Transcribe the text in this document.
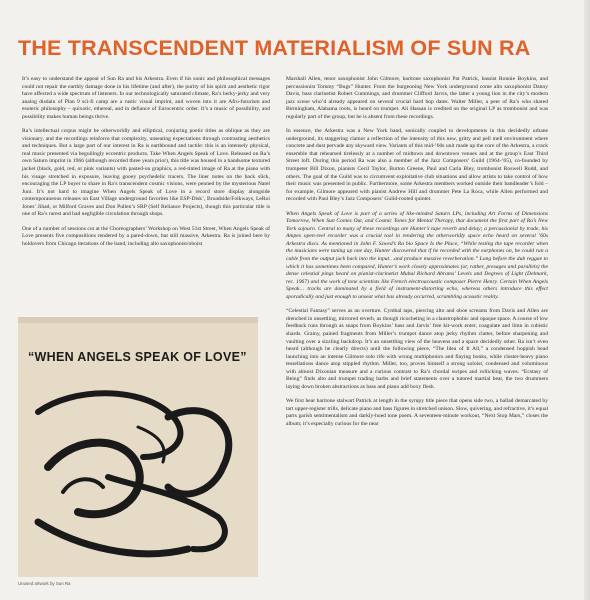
THE TRANSCENDENT MATERIALISM OF SUN RA

It’s easy to understand the appeal of Sun Ra and his Arkestra. Even if his sonic and philosophical messages could not repair the earthly damage done in his lifetime (and after), the purity of his spirit and aesthetic rigor have affected a wide spectrum of listeners. In our technologically saturated climate, Ra’s herky-jerky and very analog disdain of Plan 9 sci-fi camp are a rustic visual imprint, and woven into it are Afro-futurism and esoteric philosophy – quixotic, ethereal, and in defiance of Eurocentric order. It’s a music of possibility, and possibility makes human beings thrive.

Ra’s intellectual corpus might be otherworldly and elliptical, conjuring poetic titles as oblique as they are visionary, and the recordings reinforce that complexity, unseating expectations through contrasting aesthetics and techniques. But a large part of our interest in Ra is earthbound and tactile: this is an intensely physical, real music presented via beguilingly eccentric products. Take When Angels Speak of Love. Released on Ra’s own Saturn imprint in 1966 (although recorded three years prior), this title was housed in a handsome textured jacket (black, gold, red, or pink variants) with pasted-on graphics, a red-tinted image of Ra at the piano with his visage stretched in exposure, leaving gooey psychedelic tracers. The liner notes on the back slick, encouraging the LP buyer to share in Ra’s transcendent cosmic visions, were penned by the mysterious Natel Juni. It’s not hard to imagine When Angels Speak of Love in a record store display alongside contemporaneous releases on East Village underground favorites like ESP-Disk’, Broadside/Folkways, LeRoi Jones’ Jihad, or Milford Graves and Don Pullen’s SRP (Self Reliance Projects), though this particular title is one of Ra’s rarest and had negligible circulation through shops.

One of a number of sessions cut at the Choreographers’ Workshop on West 51st Street, When Angels Speak of Love presents five compositions rendered by a pared-down, but still massive, Arkestra. Ra is joined here by holdovers from Chicago iterations of the band, including alto saxophonist/oboist

Marshall Allen, tenor saxophonist John Gilmore, baritone saxophonist Pat Patrick, bassist Ronnie Boykins, and percussionist Tommy “Bugs” Hunter. From the burgeoning New York underground come alto saxophonist Danny Davis, bass clarinetist Robert Cummings, and drummer Clifford Jarvis, the latter a young lion in the city’s modern jazz scene who’d already appeared on several crucial hard bop dates. Walter Miller, a peer of Ra’s who shared Birmingham, Alabama roots, is heard on trumpet. Ali Hassan is credited on the original LP as trombonist and was regularly part of the group, but he is absent from these recordings.

In essence, the Arkestra was a New York band, sonically coupled to developments in this decidedly urbane underground, its staggering clamor a reflection of the intensity of this new, gritty and pell mell environment where concrete and dust pervade any skyward view. Variants of this mid-’60s unit made up the core of the Arkestra, a crack ensemble that rehearsed tirelessly at a number of midtown and downtown venues and at the group’s East Third Street loft. During this period Ra was also a member of the Jazz Composers’ Guild (1964-’65), co-founded by trumpeter Bill Dixon, pianists Cecil Taylor, Burton Greene, Paul and Carla Bley, trombonist Roswell Rudd, and others. The goal of the Guild was to circumvent exploitative club situations and allow artists to take control of how their music was presented in public. Furthermore, some Arkestra members worked outside their bandleader’s fold – for example, Gilmore appeared with pianist Andrew Hill and drummer Pete La Roca, while Allen performed and recorded with Paul Bley’s Jazz Composers’ Guild-rooted quintet.

When Angels Speak of Love is part of a series of like-minded Saturn LPs, including Art Forms of Dimensions Tomorrow, When Sun Comes Out, and Cosmic Tones for Mental Therapy, that document the first part of Ra’s New York sojourn. Central to many of these recordings are Hunter’s tape reverb and delay; a percussionist by trade, his Ampex open-reel recorder was a crucial tool in rendering the otherworldly space echo heard on several ’60s Arkestra discs. As mentioned in John F. Szwed’s Ra bio Space Is the Place, “While testing the tape recorder when the musicians were tuning up one day, Hunter discovered that if he recorded with the earphones on, he could run a cable from the output jack back into the input…and produce massive reverberation.” Long before the dub reggae to which it has sometimes been compared, Hunter’s work closely approximates (or, rather, presages and parallels) the dense celestial pings heard on pianist-clarinetist Muhal Richard Abrams’ Levels and Degrees of Light (Delmark, rec. 1967) and the work of tone scientists like French electroacoustic composer Pierre Henry. Certain When Angels Speak… tracks are dominated by a field of instrument-distorting echo, whereas others introduce this effect sporadically and just enough to unseat what has already occurred, scrambling acoustic reality.

“Celestial Fantasy” serves as an overture. Cymbal taps, piercing alto and oboe screams from Davis and Allen are drenched in unsettling, mirrored reverb, as though ricocheting in a claustrophobic and opaque space. A course of low feedback runs through as snaps from Boykins’ bass and Jarvis’ free kit-work enter, coagulate and limn in cubistic shards. Grainy, pained fragments from Miller’s trumpet dance atop jerky rhythm clatter, before sharpening and vaulting over a sizzling backdrop. It’s an unsettling view of the heavens and a space decidedly other. Ra isn’t even heard (although he clearly directs) until the following piece, “The Idea of It All,” a condensed hoppish head launching into an intense Gilmore solo rife with wrung multiphonics and flaying honks, while cluster-heavy piano tessellations dance atop stippled rhythm. Miller, too, proves himself a strong soloist, condensed and voluminous with almost Dixonian measure and a curious contrast to Ra’s chordal swipes and rollicking waves. “Ecstasy of Being” finds alto and trumpet trading barbs and brief statements over a tutored martial beat, the two drummers laying down broken abstractions as bass and piano add boxy flesh.

We first hear baritone stalwart Patrick at length in the syrupy title piece that opens side two, a ballad demarcated by tart upper-register trills, delicate piano and bass figures in stretched unison. Slow, quivering, and refractive, it’s equal parts garish sentimentalism and darkly-hued tone poem. A seventeen-minute workout, “Next Stop Mars,” closes the album; it’s especially curious for the near

“WHEN ANGELS SPEAK OF LOVE”
Unused artwork by Sun Ra
